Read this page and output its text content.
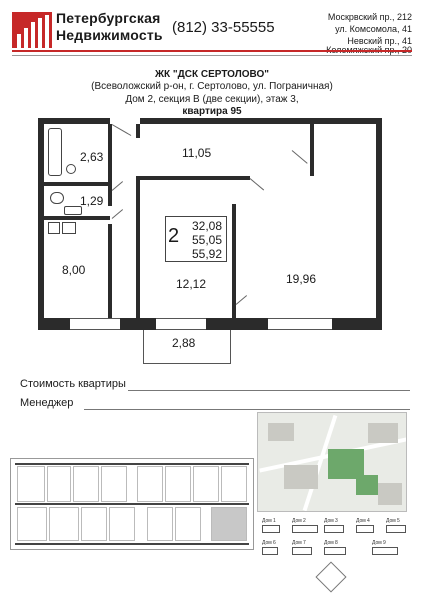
Петербургская
Недвижимость (812) 33-55555
Москрвский пр., 212
ул. Комсомола, 41
Невский пр., 41
ЖК "ДСК СЕРТОЛОВО"
(Всеволожский р-он, г. Сертолово, ул. Пограничная)
Дом 2, секция В (две секции), этаж 3,
квартира 95
2,63
1,29
11,05
8,00
12,12	19,96
2 32,08
55,05
55,92
2,88
Стоимость квартиры
Менеджер
Дом 1	Дом 2	Дом 3	Дом 4	Дом 5
Дом 6	Дом 7	Дом 8	Дом 9
